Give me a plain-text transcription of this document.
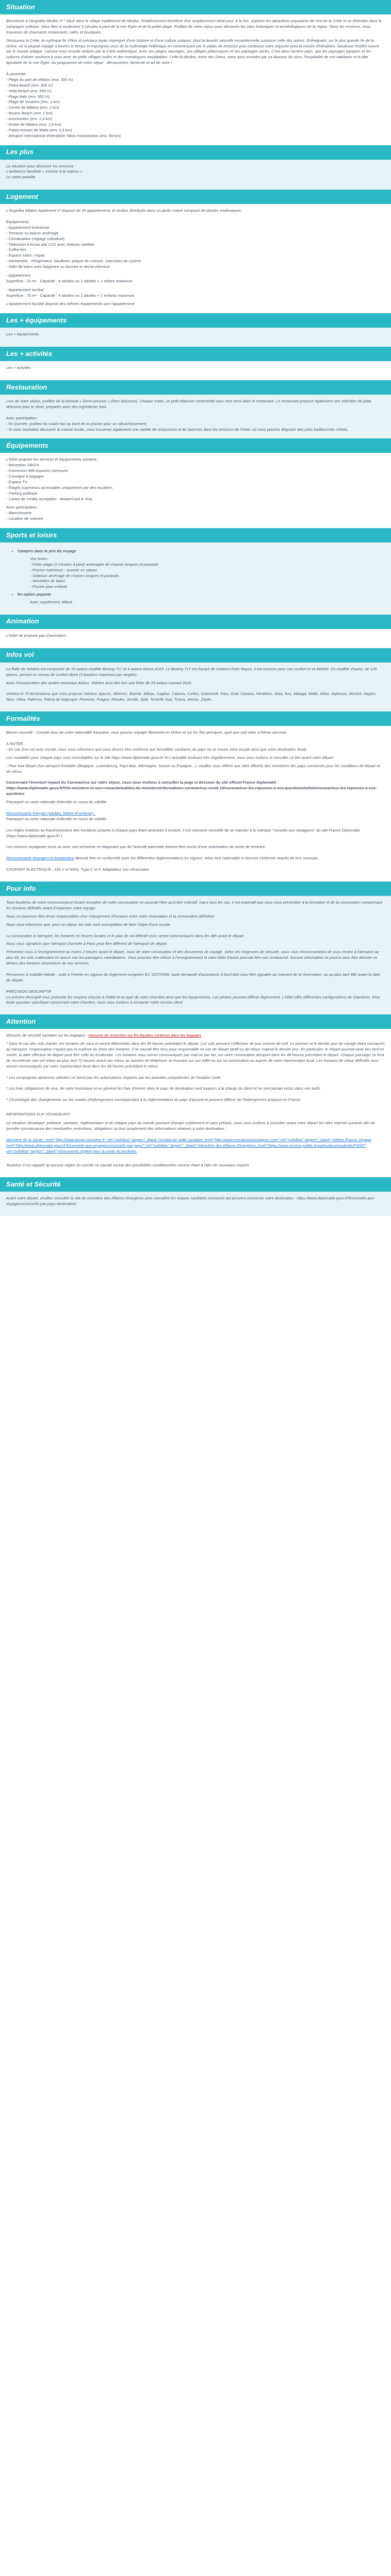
Situation

Bienvenue à l'Angelika Mirabo 3* ! Situé dans le village traditionnel de Mirabo, l'établissement bénéficie d'un emplacement idéal pour, à la fois, explorer les attractions populaires de l'est de la Crète et se détendre dans la campagne crétoise. Vous êtes à seulement 3 minutes à pied de la mer Egée et de la petite plage. Profitez de votre séjour pour découvrir les sites historiques et archéologiques de la région. Dans les environs, vous trouverez de charmants restaurants, cafés et boutiques.

Découvrez la Crète, la mythique île d'Ikos et précieux joyau imprégné d'une histoire et d'une culture uniques, dont la beauté naturelle exceptionnelle surpasse celle des autres. Enfreignant, sur le plus grande île de la Grèce, où la plupart voyage à travers le temps et imprègnez-vous de la mythologie hellénique en commençant par le palais de Knossos puis continuez votre odyssée pour la musée d'Héraklion, fabuleuse fenêtre ouvert sur le monde antique. Laissez-vous ensuite séduire par la Crète authentique, avec ses plages sauvages, ses villages pittoresques et ses paysages variés. C'est dans l'arrière-pays, que les paysages typiques et les cultures d'olivier confirent à vous avec de petits villages isolés et des monologues inoubliables. Celle-là décline, entre des Dieux, mers sous encadre par sa douceur de vivre, l'hospitalité de ses habitants et la tâte ajoutante de la mer Égée. Au programme de votre séjour : découvertes, farniente et art de vivre !

À proximité :

- Plage du port de Milatos (env. 300 m)

- Plaka Beach (env. 600 m)

- Vella Beach (env. 650 m)

- Plage Balo (env. 950 m)

- Plage de Voulolos (env. 1 km)

- Centre de Milatos (env. 2 km)

- Boulos Beach (env. 2 km)

- Anechorites (env. 2,4 km)

- Grotte de Milatos (env. 2,9 km)

- Palais minoen de Malia (env. 6,6 km)

- Aéroport international d'Héraklion Nikos Kazantzakis (env. 59 km)

Les plus

La situation pour découvrir les environs

L'ambiance familiale « comme à la maison »

Le cadre paisible

Logement

L'Angelika Milatos Apartment 3* dispose de 35 appartements et studios distribués dans un jardin coloré composé de plantes endémiques.

Equipements :

- Appartement lumineuse

- Terrasse ou balcon aménagé

- Climatisation (réglage individuel)

- Télévision à écran plat LCD avec chaînes satellite

- Coffre-fort

- Espace salon / repas

- Kitchenette : réfrigérateur, bouilloire, plaque de cuisson, ustensiles de cuisine

- Salle de bains avec baignoire ou douche et sèche-cheveux

- Appartement

Superficie : 32 m² - Capacité : 4 adultes ou 2 adultes + 1 enfant maximum

- Appartement familial

Superficie : 70 m² - Capacité : 4 adultes ou 2 adultes + 2 enfants maximum

L'appartement familial dispose des mêmes équipements que l'appartement

Les + équipements

Les + équipements

Les + activités

Les + activités

Restauration

Lors de votre séjour, profitez de la formule « Demi-pension » (hors boissons). Chaque matin, un petit-déjeuner continental vous sera servi dans le restaurant. Le restaurant propose également une sélection de plats délicieux pour le dîner, préparés avec des ingrédients frais.

Avec participation :

- En journée, profitez du snack-bar au bord de la piscine pour un rafraîchissement.

- Si vous souhaitez découvrir la cuisine locale, vous trouverez également une variété de restaurants et de tavernes dans les environs de l'hôtel, où vous pourrez déguster des plats traditionnels crétois.

Équipements

L'hôtel propose les services et équipements suivants :

- Réception 24h/24

- Connexion Wifi espaces communs

- Consigne à bagages

- Espace TV

- Étages supérieurs accessibles uniquement par des escaliers

- Parking publique

- Cartes de crédits acceptées : MasterCard & Visa

Avec participation :

- Blanchisserie

- Location de voitures

Sports et loisirs
• Compris dans le prix du voyage

Vos loisirs :

- Petite plage (3 minutes à pied) aménagée de chaises longues et parasols

- Piscine extérieure - ouverte en saison

- Solarium aménagé de chaises longues et parasols

- Serviettes de bains

- Piscine pour enfants

• En option payante

Avec supplément, billard

Animation

L'hôtel ne propose pas d'animation.

Infos vol

La flotte de Volotea est composée de 19 avions modèle Boeing 717 et 4 avions Airbus A319. Le Boeing 717 est équipé de moteurs Rolls Royce, il est reconnu pour son confort et sa fiabilité. Ce modèle d'avion, de 125 places, permet un niveau de confort élevé (3 boutons maximum par rangée).

Avec l'incorporation des quatre nouveaux Airbus, Volotea aura dès lors une flotte de 23 avions courant 2016.

Volotea et 70 destinations que vous propose Volotea: Ajaccio, Athènes, Biarritz, Bilbao, Cagliari, Catania, Corfou, Dubrovnik, Faro, Gran Canaria, Héraklion, Ibiza, Kos, Malaga, Malte, Milan, Mykonos, Munich, Naples, Nice, Olbia, Palermo, Palma de Majorque, Florence, Prague, Rhodes, Séville, Split, Tenerife Sud, Tirana, Venise, Zante...

Formalités

Bonne nouvelle : Compte tenu de votre nationalité française, vous pouvez voyager librement en Grèce et sur les îles grecques, quel que soit votre schéma vaccinal.

A NOTER :

- En cas d'un vol avec escale, nous vous informons que vous devrez être conforme aux formalités sanitaires du pays où se trouve votre escale ainsi que votre destination finale.

Les modalités pour chaque pays sont consultables sur le site https://www.diplomatie.gouv.fr/ fr/ L'actualité évoluant très régulièrement, nous vous invitons à consulter ce lien avant votre départ.

- Pour tout départ d'un aéroport frontalier (Belgique, Luxembourg, Pays-Bas, Allemagne, Suisse ou Espagne...), veuillez vous référer aux sites officiels des ministères des pays concernés pour les conditions de départ et de retour.

Concernant l'éventuel impact du Coronavirus sur votre séjour, nous vous invitons à consulter la page ci-dessous du site officiel France Diplomatie :

https://www.diplomatie.gouv.fr/fr/le-ministere-et-son-reseau/actualites-du-ministere/informations-coronavirus-covid-19/coronavirus-les-reponses-a-vos-questions/article/coronavirus-les-reponses-a-vos-questions

Passeport ou carte nationale d'identité en cours de validité.

Ressortissants français (adultes, bébés et enfants) :

Passeport ou carte nationale d'identité en cours de validité.

Les règles relatives au franchissement des frontières propres à chaque pays étant amenées à évoluer, il est vivement conseillé de se reporter à la rubrique "conseils aux voyageurs" du site France Diplomatie (https://www.diplomatie.gouv.fr/ )

Les mineurs voyageant seuls ou avec une personne ne disposant pas de l'autorité parentale doivent être munis d'une autorisation de sortie de territoire.

Ressortissants étrangers et binationaux devront être en conformité avec les différentes réglementations en vigueur, selon leur nationalité et devront s'informer auprès de leur consulat.

COURANT ELECTRIQUE : 230 V et 50Hz. Type C et F. Adaptateur non nécessaire.

Pour info

Taxe locale/ou de votre commune/peut écrant réception de votre convocation ne pourrait l'être qu'à titre indicatif. Dans tous les cas, il est impératif que vous vous présentiez à la réception et de la convocation comprenant les horaires définitifs avant d'organiser votre voyage.

Nous ne pourrons être tenus responsables d'un changement d'horaires entre votre réservation et la convocation définitive.

Nous vous informons que, pour ce séjour, les vols sont susceptibles de faire l'objet d'une escale.

La convocation à l'aéroport, les horaires en heures locales et le plan de vol définitif vous seront communiqués dans les 48h avant le départ.

Nous vous signalons que l'aéroport d'arrivée à Paris peut être différent de l'aéroport de départ.

Présentez-vous à l'enregistrement au moins 2 heures avant le départ, muni de votre convocation et des documents de voyage. Selon les exigences de sécurité, nous vous recommandons de vous rendre à l'aéroport au plus tôt, les vols n'attendant en aucun cas les passagers retardataires. Vous pourriez être refusé à l'enregistrement et votre billet d'avion pourrait être non remboursé. Aucune information ne pourra vous être donnée en dehors des horaires d'ouverture de nos services.

Personnes à mobilité réduite : suite à l'entrée en vigueur du règlement européen EU 1107/2006, toute demande d'assistance à bord doit nous être signalée au moment de la réservation, ou au plus tard 48h avant la date de départ.

PRÉCISION DESCRIPTIF

Le présent descriptif vous présente les moyens d'accès à l'hôtel et au type de votre chambre ainsi que les équipements. Les photos peuvent différer légèrement. L'hôtel offre différentes configurations de chambres. Pour toute question spécifique concernant votre chambre, nous vous invitons à contacter notre service client.

Attention

Mesures de sécurité sanitaire sur les bagages : mesures de restriction sur les liquides contenus dans les bagages

* Dans le cas des vols charter, les horaires de vous et seront déterminés dans les 48 heures précédant le départ. Les vols peuvent s'effectuer de jour comme de nuit. Le premier et le dernier jour du voyage étant consacrés au transport, l'organisateur n'ayant pas la maîtrise du choix des horaires, il ne saurait être tenu pour responsable en cas de départ tardif ou de retour matinal le dernier jour. En particulier, le départ pourrait avoir lieu tard en soirée, la date effective de départ peut être celle du lendemain. Les horaires vous seront communiqués par mail ou par fax, sur votre convocation aéroport dans les 48 heures précédant le départ. Chaque passager se fera de reconfirmer son vol retour au plus tard 72 heures avant son retour au numéro de téléphone se trouvant sur son billet ou sur sa convocation ou auprès de votre représentant local. Les horaires de retour définitifs vous seront communiqués par notre représentant local dans les 48 heures précédant le retour.

* Les compagnies aériennes utilisées ne lisent pas les autorisations requises par les autorités compétentes de l'aviation civile.

* Les frais obligatoires de visa, de carte touristique et en général les frais d'entrée dans le pays de destination sont toujours à la charge du client et ne sont jamais inclus dans nos tarifs.

* Chronologie des changements sur les modes d'hébergement correspondant à la réglementation du pays d'accueil et peuvent différer de l'hébergement proposé en France.

INFORMATIONS AUX VOYAGEURS :

La situation climatique, politique, sanitaire, réglementaire et de chaque pays du monde pouvant changer subitement et sans préavis, nous vous invitons à consulter avant votre départ les sites Internet suivants afin de prendre connaissance des éventuelles restrictions, obligations ou tout simplement des informations relatives à votre destination :

Ministère de la Santé : href="http://www.travel.ministère.fr" rel="nofollow" target="_blank">Institut de veille sanitaire, href="http://www.mentionstouristiques.com" rel="nofollow" target="_blank">Météo France Voyage href="http://www.diplomatie.gouv.fr/fr/conseils-aux-voyageurs/conseils-par-pays/" rel="nofollow" target="_blank">Ministère des Affaires Etrangères, href="https://www.service-public.fr/particuliers/vosdroits/F3203" rel="nofollow" target="_blank">Documents réglem.pour la sortie du territoire.

Toutefois il est rappelé qu'aucune région du monde ne saurait exclue des possibilités conditionnées comme étant à l'abri de nouveaux risques.

Santé et Sécurité

Avant votre départ, veuillez consulter le site du ministère des Affaires étrangères pour connaître les risques sanitaires éventuels qui peuvent concerner votre destination : https://www.diplomatie.gouv.fr/fr/conseils-aux-voyageurs/conseils-par-pays-destination/
